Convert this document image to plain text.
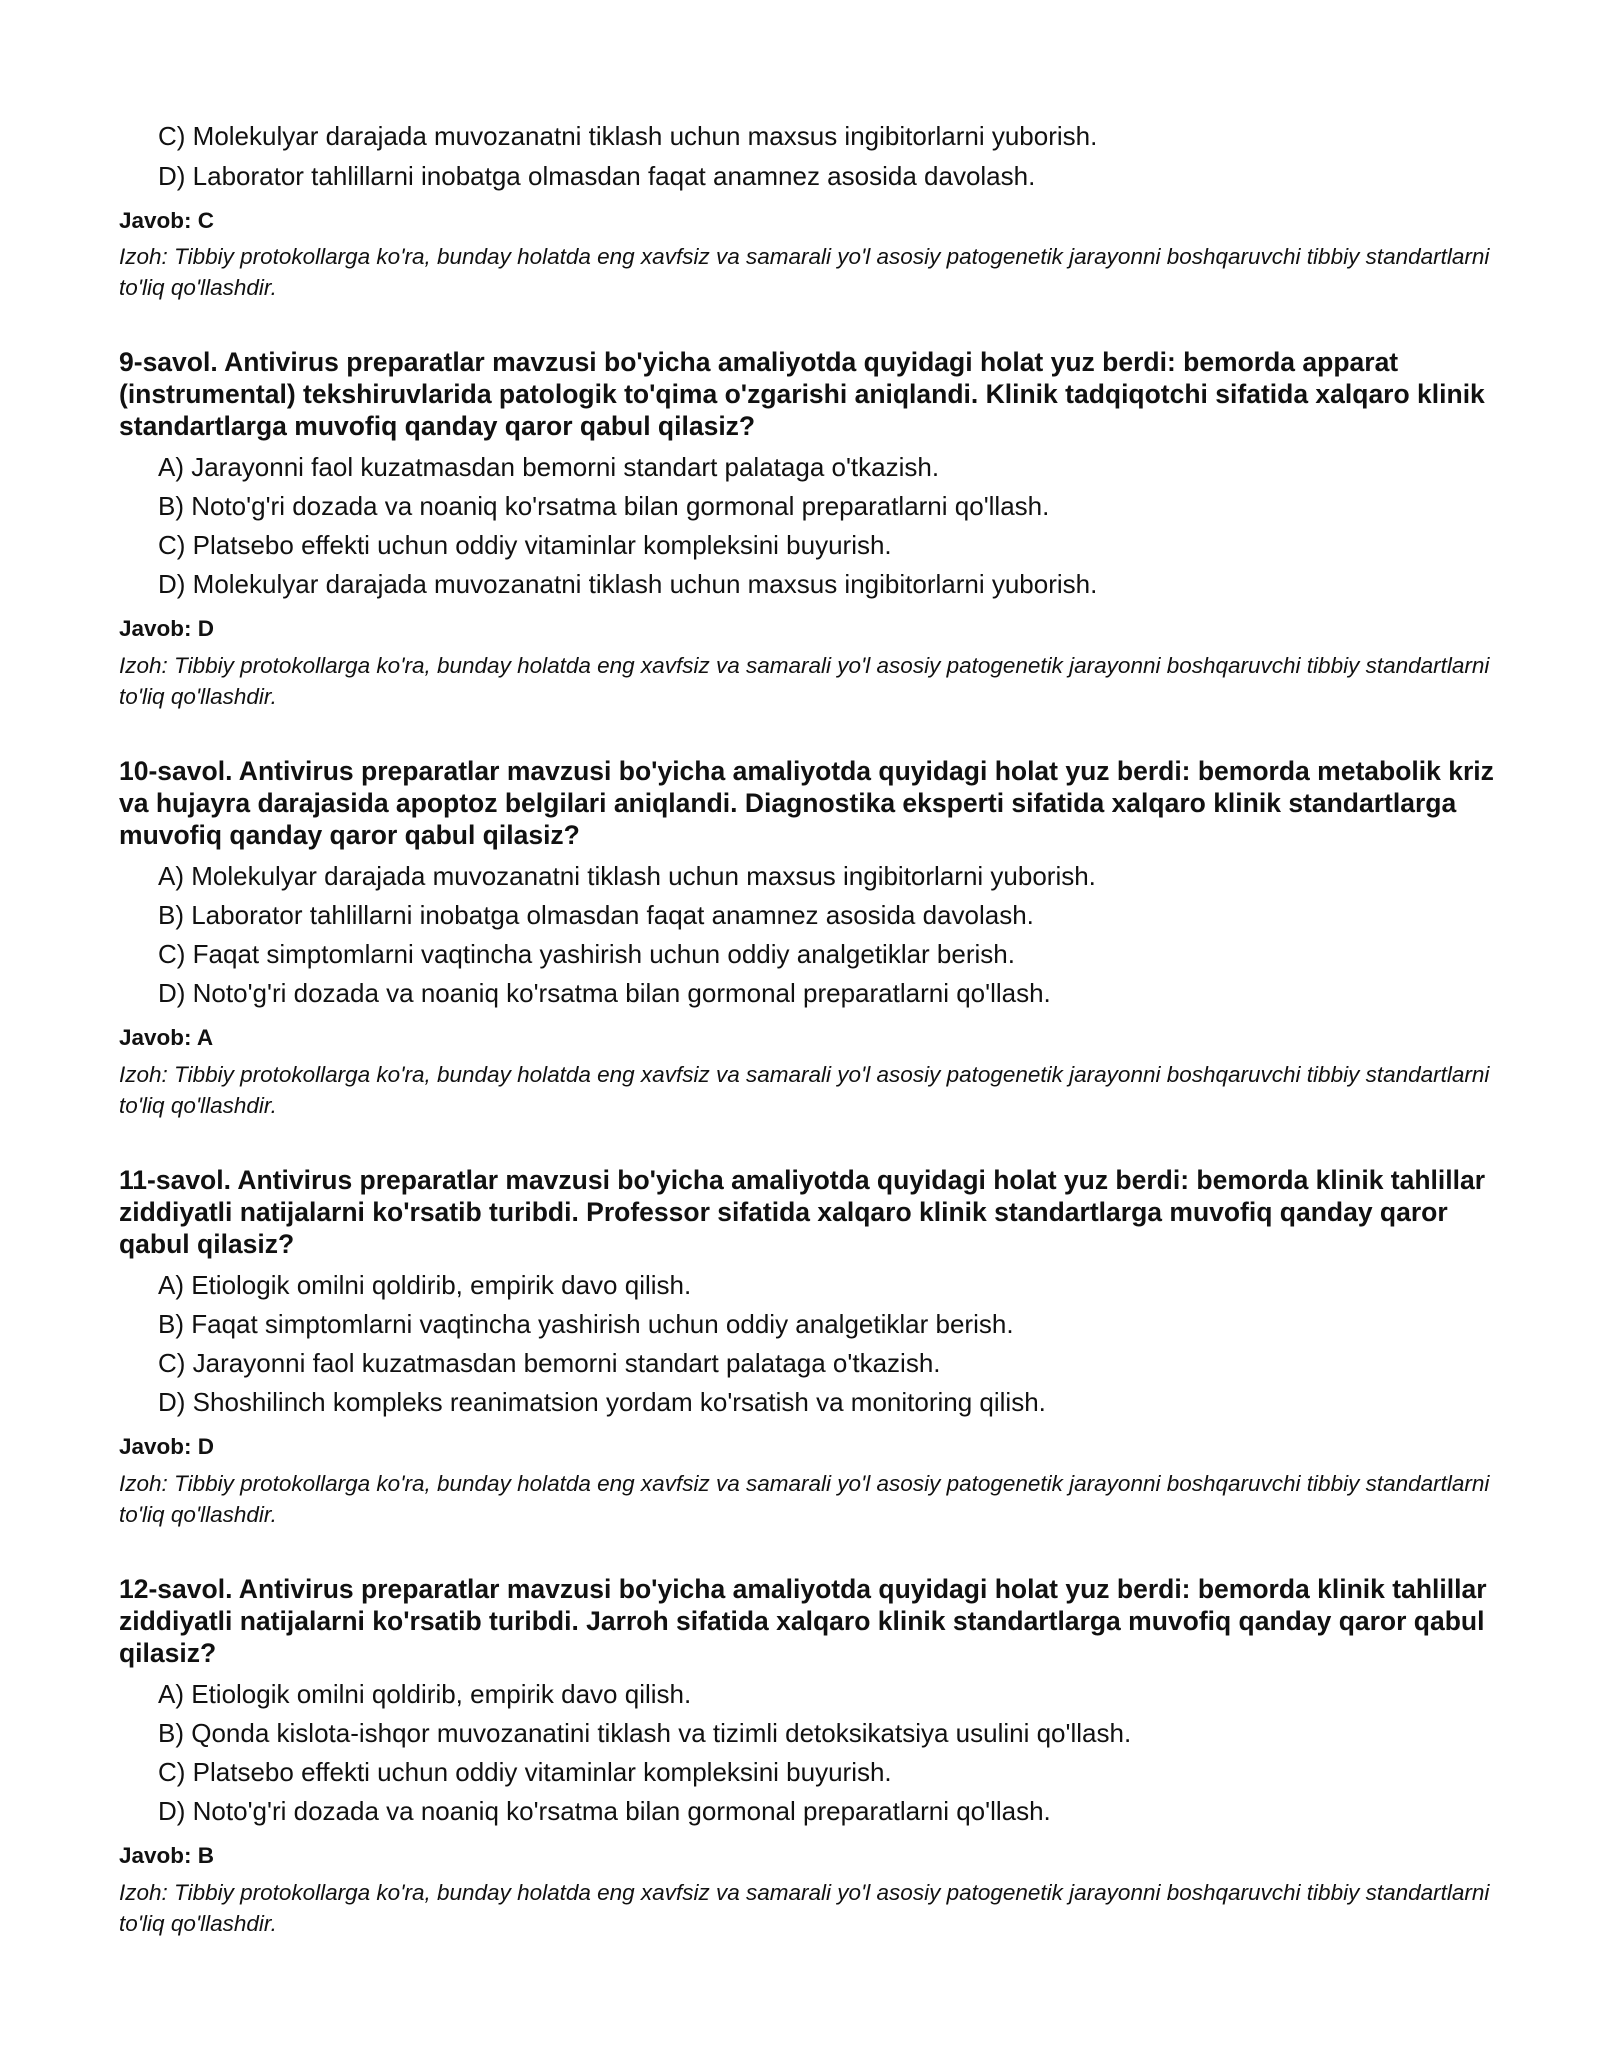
C) Molekulyar darajada muvozanatni tiklash uchun maxsus ingibitorlarni yuborish.
D) Laborator tahlillarni inobatga olmasdan faqat anamnez asosida davolash.
Javob: C
Izoh: Tibbiy protokollarga ko'ra, bunday holatda eng xavfsiz va samarali yo'l asosiy patogenetik jarayonni boshqaruvchi tibbiy standartlarni to'liq qo'llashdir.
9-savol. Antivirus preparatlar mavzusi bo'yicha amaliyotda quyidagi holat yuz berdi: bemorda apparat (instrumental) tekshiruvlarida patologik to'qima o'zgarishi aniqlandi. Klinik tadqiqotchi sifatida xalqaro klinik standartlarga muvofiq qanday qaror qabul qilasiz?
A) Jarayonni faol kuzatmasdan bemorni standart palataga o'tkazish.
B) Noto'g'ri dozada va noaniq ko'rsatma bilan gormonal preparatlarni qo'llash.
C) Platsebo effekti uchun oddiy vitaminlar kompleksini buyurish.
D) Molekulyar darajada muvozanatni tiklash uchun maxsus ingibitorlarni yuborish.
Javob: D
Izoh: Tibbiy protokollarga ko'ra, bunday holatda eng xavfsiz va samarali yo'l asosiy patogenetik jarayonni boshqaruvchi tibbiy standartlarni to'liq qo'llashdir.
10-savol. Antivirus preparatlar mavzusi bo'yicha amaliyotda quyidagi holat yuz berdi: bemorda metabolik kriz va hujayra darajasida apoptoz belgilari aniqlandi. Diagnostika eksperti sifatida xalqaro klinik standartlarga muvofiq qanday qaror qabul qilasiz?
A) Molekulyar darajada muvozanatni tiklash uchun maxsus ingibitorlarni yuborish.
B) Laborator tahlillarni inobatga olmasdan faqat anamnez asosida davolash.
C) Faqat simptomlarni vaqtincha yashirish uchun oddiy analgetiklar berish.
D) Noto'g'ri dozada va noaniq ko'rsatma bilan gormonal preparatlarni qo'llash.
Javob: A
Izoh: Tibbiy protokollarga ko'ra, bunday holatda eng xavfsiz va samarali yo'l asosiy patogenetik jarayonni boshqaruvchi tibbiy standartlarni to'liq qo'llashdir.
11-savol. Antivirus preparatlar mavzusi bo'yicha amaliyotda quyidagi holat yuz berdi: bemorda klinik tahlillar ziddiyatli natijalarni ko'rsatib turibdi. Professor sifatida xalqaro klinik standartlarga muvofiq qanday qaror qabul qilasiz?
A) Etiologik omilni qoldirib, empirik davo qilish.
B) Faqat simptomlarni vaqtincha yashirish uchun oddiy analgetiklar berish.
C) Jarayonni faol kuzatmasdan bemorni standart palataga o'tkazish.
D) Shoshilinch kompleks reanimatsion yordam ko'rsatish va monitoring qilish.
Javob: D
Izoh: Tibbiy protokollarga ko'ra, bunday holatda eng xavfsiz va samarali yo'l asosiy patogenetik jarayonni boshqaruvchi tibbiy standartlarni to'liq qo'llashdir.
12-savol. Antivirus preparatlar mavzusi bo'yicha amaliyotda quyidagi holat yuz berdi: bemorda klinik tahlillar ziddiyatli natijalarni ko'rsatib turibdi. Jarroh sifatida xalqaro klinik standartlarga muvofiq qanday qaror qabul qilasiz?
A) Etiologik omilni qoldirib, empirik davo qilish.
B) Qonda kislota-ishqor muvozanatini tiklash va tizimli detoksikatsiya usulini qo'llash.
C) Platsebo effekti uchun oddiy vitaminlar kompleksini buyurish.
D) Noto'g'ri dozada va noaniq ko'rsatma bilan gormonal preparatlarni qo'llash.
Javob: B
Izoh: Tibbiy protokollarga ko'ra, bunday holatda eng xavfsiz va samarali yo'l asosiy patogenetik jarayonni boshqaruvchi tibbiy standartlarni to'liq qo'llashdir.
